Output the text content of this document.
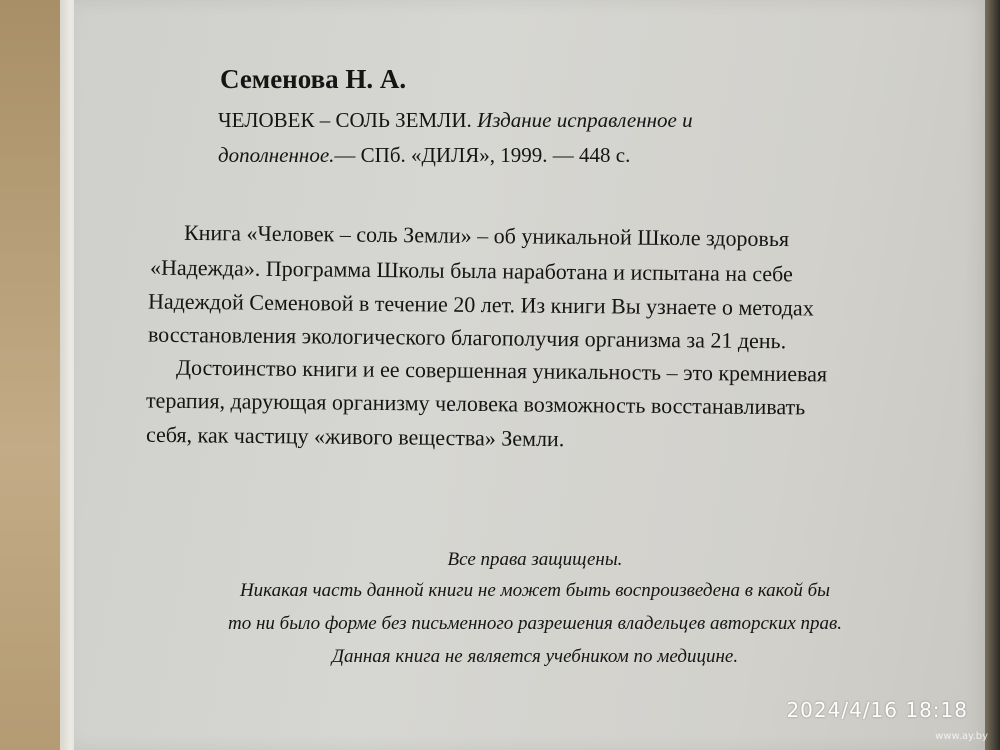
Семенова Н. А.
ЧЕЛОВЕК – СОЛЬ ЗЕМЛИ. Издание исправленное и
дополненное.— СПб. «ДИЛЯ», 1999. — 448 с.
Книга «Человек – соль Земли» – об уникальной Школе здоровья
«Надежда». Программа Школы была наработана и испытана на себе
Надеждой Семеновой в течение 20 лет. Из книги Вы узнаете о методах
восстановления экологического благополучия организма за 21 день.
Достоинство книги и ее совершенная уникальность – это кремниевая
терапия, дарующая организму человека возможность восстанавливать
себя, как частицу «живого вещества» Земли.
Все права защищены.
Никакая часть данной книги не может быть воспроизведена в какой бы
то ни было форме без письменного разрешения владельцев авторских прав.
Данная книга не является учебником по медицине.
2024/4/16 18:18
www.ay.by
